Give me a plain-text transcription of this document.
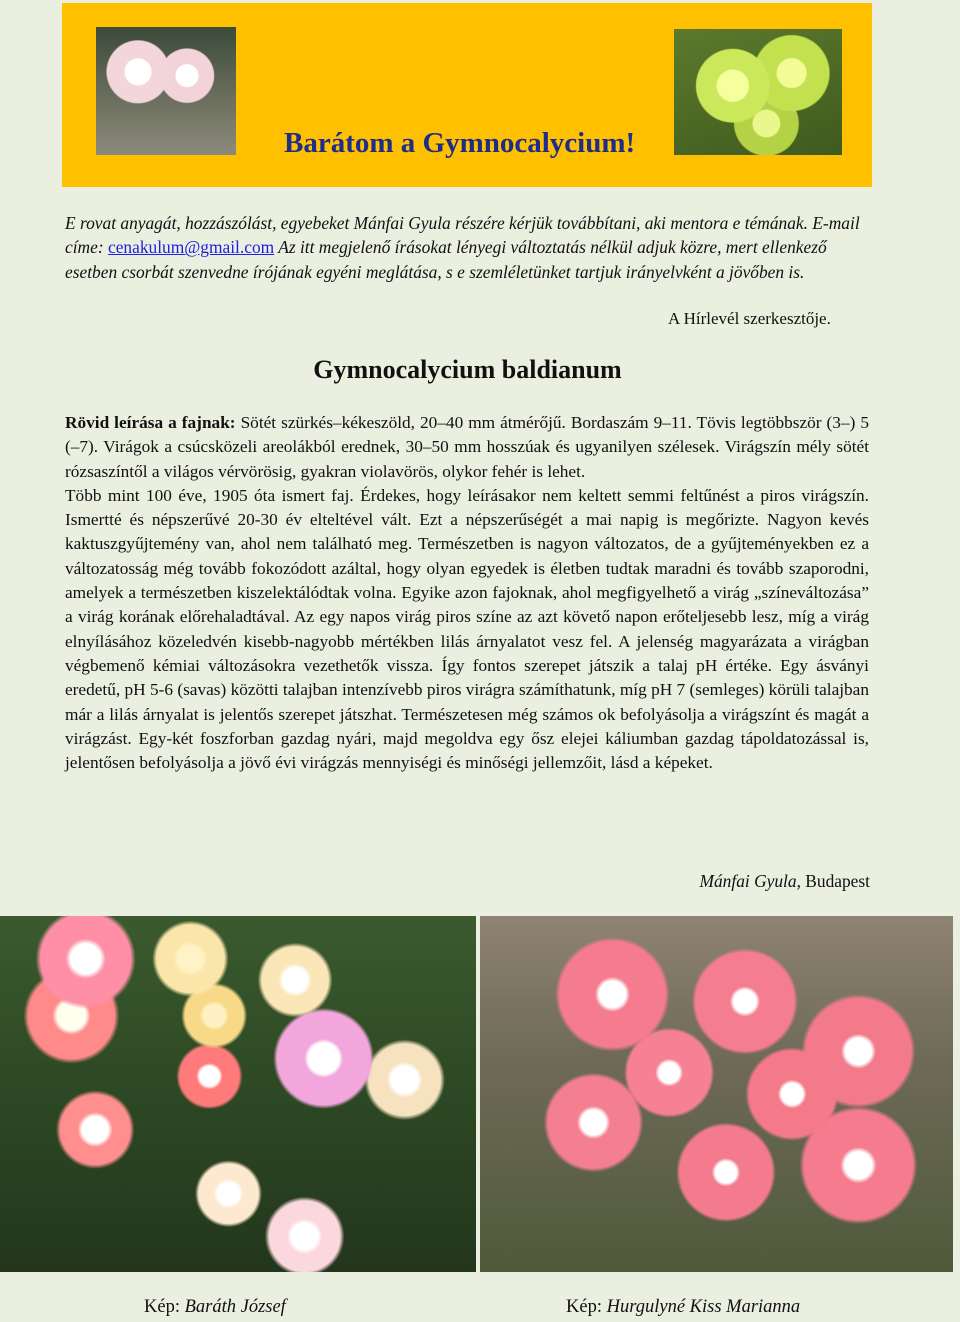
Barátom a Gymnocalycium!
E rovat anyagát, hozzászólást, egyebeket Mánfai Gyula részére kérjük továbbítani, aki mentora e témának. E-mail címe: cenakulum@gmail.com Az itt megjelenő írásokat lényegi változtatás nélkül adjuk közre, mert ellenkező esetben csorbát szenvedne írójának egyéni meglátása, s e szemléletünket tartjuk irányelvként a jövőben is.
A Hírlevél szerkesztője.
Gymnocalycium baldianum

Rövid leírása a fajnak: Sötét szürkés–kékeszöld, 20–40 mm átmérőjű. Bordaszám 9–11. Tövis legtöbbször (3–) 5 (–7). Virágok a csúcsközeli areolákból erednek, 30–50 mm hosszúak és ugyanilyen szélesek. Virágszín mély sötét rózsaszíntől a világos vérvörösig, gyakran violavörös, olykor fehér is lehet.

Több mint 100 éve, 1905 óta ismert faj. Érdekes, hogy leírásakor nem keltett semmi feltűnést a piros virágszín. Ismertté és népszerűvé 20-30 év elteltével vált. Ezt a népszerűségét a mai napig is megőrizte. Nagyon kevés kaktuszgyűjtemény van, ahol nem található meg. Természetben is nagyon változatos, de a gyűjteményekben ez a változatosság még tovább fokozódott azáltal, hogy olyan egyedek is életben tudtak maradni és tovább szaporodni, amelyek a természetben kiszelektálódtak volna. Egyike azon fajoknak, ahol megfigyelhető a virág „színeváltozása” a virág korának előrehaladtával. Az egy napos virág piros színe az azt követő napon erőteljesebb lesz, míg a virág elnyílásához közeledvén kisebb-nagyobb mértékben lilás árnyalatot vesz fel. A jelenség magyarázata a virágban végbemenő kémiai változásokra vezethetők vissza. Így fontos szerepet játszik a talaj pH értéke. Egy ásványi eredetű, pH 5-6 (savas) közötti talajban intenzívebb piros virágra számíthatunk, míg pH 7 (semleges) körüli talajban már a lilás árnyalat is jelentős szerepet játszhat. Természetesen még számos ok befolyásolja a virágszínt és magát a virágzást. Egy-két foszforban gazdag nyári, majd megoldva egy ősz elejei káliumban gazdag tápoldatozással is, jelentősen befolyásolja a jövő évi virágzás mennyiségi és minőségi jellemzőit, lásd a képeket.

Mánfai Gyula, Budapest
Kép: Baráth József	Kép: Hurgulyné Kiss Marianna
